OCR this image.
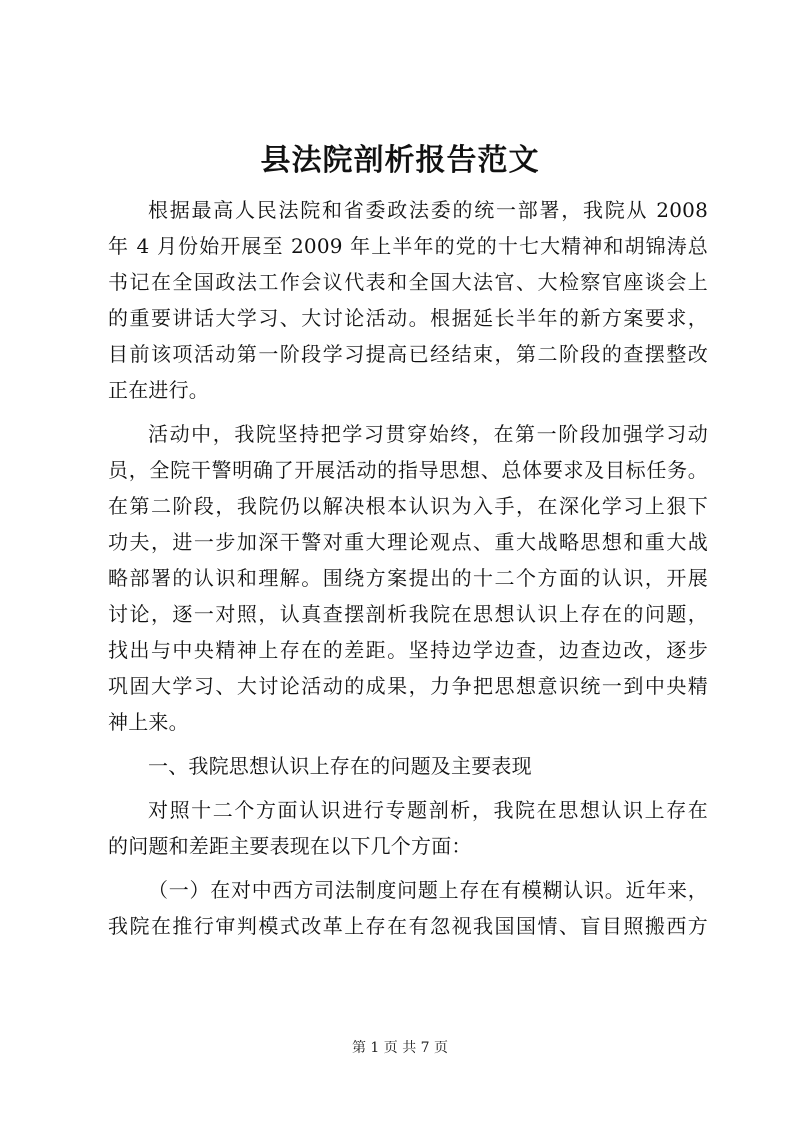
县法院剖析报告范文
根据最高人民法院和省委政法委的统一部署，我院从 2008
年 4 月份始开展至 2009 年上半年的党的十七大精神和胡锦涛总
书记在全国政法工作会议代表和全国大法官、大检察官座谈会上
的重要讲话大学习、大讨论活动。根据延长半年的新方案要求，
目前该项活动第一阶段学习提高已经结束，第二阶段的查摆整改
正在进行。
活动中，我院坚持把学习贯穿始终，在第一阶段加强学习动
员，全院干警明确了开展活动的指导思想、总体要求及目标任务。
在第二阶段，我院仍以解决根本认识为入手，在深化学习上狠下
功夫，进一步加深干警对重大理论观点、重大战略思想和重大战
略部署的认识和理解。围绕方案提出的十二个方面的认识，开展
讨论，逐一对照，认真查摆剖析我院在思想认识上存在的问题，
找出与中央精神上存在的差距。坚持边学边查，边查边改，逐步
巩固大学习、大讨论活动的成果，力争把思想意识统一到中央精
神上来。
一、我院思想认识上存在的问题及主要表现
对照十二个方面认识进行专题剖析，我院在思想认识上存在
的问题和差距主要表现在以下几个方面：
（一）在对中西方司法制度问题上存在有模糊认识。近年来，
我院在推行审判模式改革上存在有忽视我国国情、盲目照搬西方
第 1 页 共 7 页
